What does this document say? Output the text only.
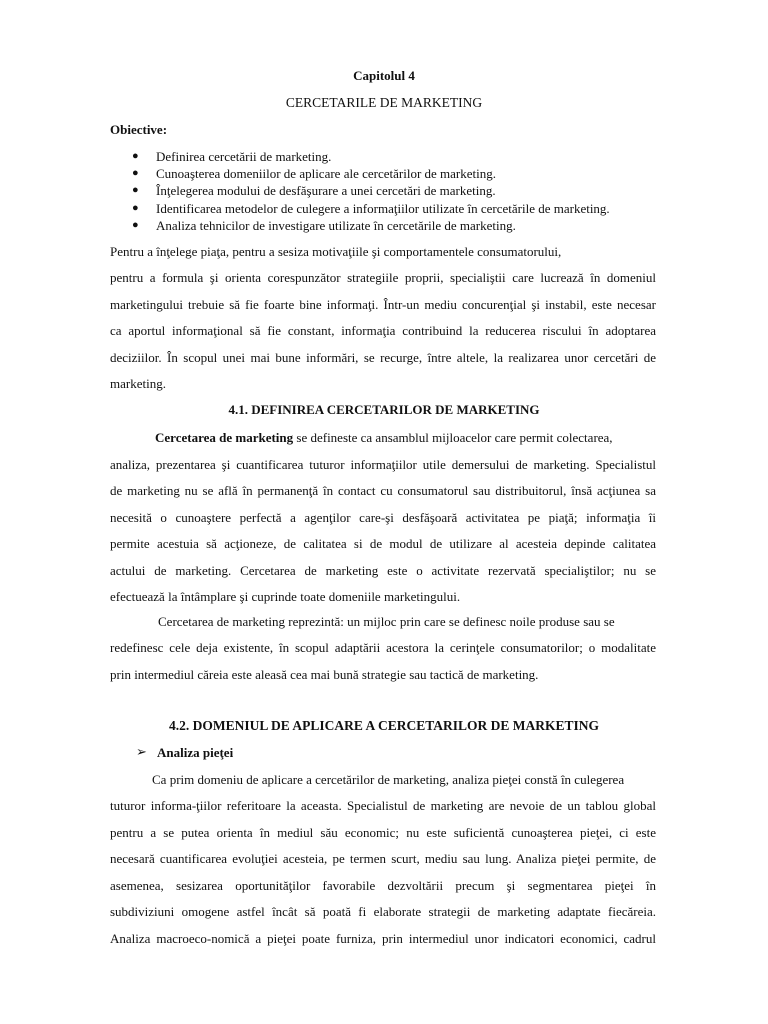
Capitolul 4
CERCETARILE DE MARKETING
Obiective:
● Definirea cercetării de marketing.
● Cunoaşterea domeniilor de aplicare ale cercetărilor de marketing.
● Înţelegerea modului de desfăşurare a unei cercetări de marketing.
● Identificarea metodelor de culegere a informaţiilor utilizate în cercetările de marketing.
● Analiza tehnicilor de investigare utilizate în cercetările de marketing.
Pentru a înţelege piaţa, pentru a sesiza motivaţiile şi comportamentele consumatorului,
pentru a formula şi orienta corespunzător strategiile proprii, specialiştii care lucrează în domeniul
marketingului trebuie să fie foarte bine informaţi. Într-un mediu concurenţial şi instabil, este necesar
ca aportul informaţional să fie constant, informaţia contribuind la reducerea riscului în adoptarea
deciziilor. În scopul unei mai bune informări, se recurge, între altele, la realizarea unor cercetări de
marketing.
4.1. DEFINIREA CERCETARILOR DE MARKETING
Cercetarea de marketing se defineste ca ansamblul mijloacelor care permit colectarea,
analiza, prezentarea şi cuantificarea tuturor informaţiilor utile demersului de marketing. Specialistul
de marketing nu se află în permanenţă în contact cu consumatorul sau distribuitorul, însă acţiunea sa
necesită o cunoaştere perfectă a agenţilor care-şi desfăşoară activitatea pe piaţă; informaţia îi
permite acestuia să acţioneze, de calitatea si de modul de utilizare al acesteia depinde calitatea
actului de marketing. Cercetarea de marketing este o activitate rezervată specialiştilor; nu se
efectuează la întâmplare şi cuprinde toate domeniile marketingului.
Cercetarea de marketing reprezintă: un mijloc prin care se definesc noile produse sau se
redefinesc cele deja existente, în scopul adaptării acestora la cerinţele consumatorilor; o modalitate
prin intermediul căreia este aleasă cea mai bună strategie sau tactică de marketing.
4.2. DOMENIUL DE APLICARE A CERCETARILOR DE MARKETING
➢ Analiza pieţei
Ca prim domeniu de aplicare a cercetărilor de marketing, analiza pieţei constă în culegerea
tuturor informa-ţiilor referitoare la aceasta. Specialistul de marketing are nevoie de un tablou global
pentru a se putea orienta în mediul său economic; nu este suficientă cunoaşterea pieţei, ci este
necesară cuantificarea evoluţiei acesteia, pe termen scurt, mediu sau lung. Analiza pieţei permite, de
asemenea, sesizarea oportunităţilor favorabile dezvoltării precum şi segmentarea pieţei în
subdiviziuni omogene astfel încât să poată fi elaborate strategii de marketing adaptate fiecăreia.
Analiza macroeco-nomică a pieţei poate furniza, prin intermediul unor indicatori economici, cadrul
